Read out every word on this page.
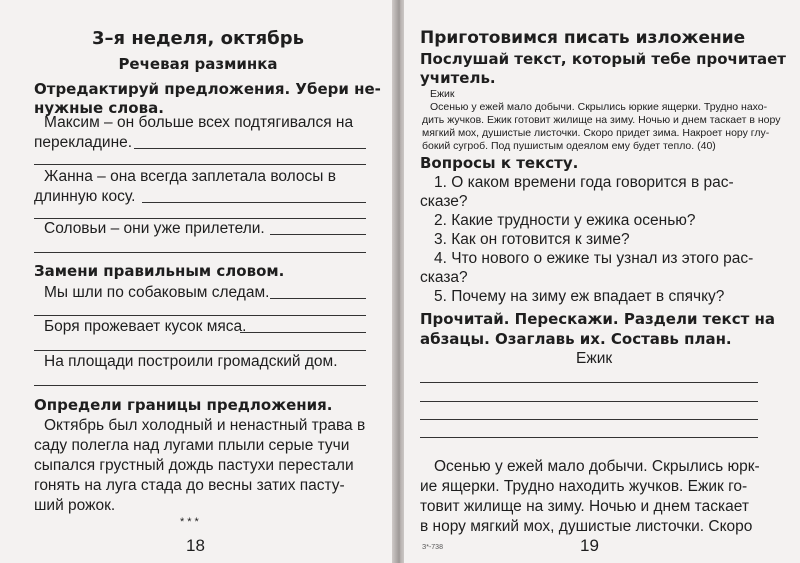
3–я неделя, октябрь

Речевая разминка

Отредактируй предложения. Убери не-

нужные слова.

Максим – он больше всех подтягивался на

перекладине.

Жанна – она всегда заплетала волосы в

длинную косу.

Соловьи – они уже прилетели.

Замени правильным словом.

Мы шли по собаковым следам.

Боря прожевает кусок мяса.

На площади построили громадский дом.

Определи границы предложения.

Октябрь был холодный и ненастный трава в

саду полегла над лугами плыли серые тучи

сыпался грустный дождь пастухи перестали

гонять на луга стада до весны затих пасту-

ший рожок.

***

18

Приготовимся писать изложение

Послушай текст, который тебе прочитает

учитель.

Ежик

Осенью у ежей мало добычи. Скрылись юркие ящерки. Трудно нахо-

дить жучков. Ежик готовит жилище на зиму. Ночью и днем таскает в нору

мягкий мох, душистые листочки. Скоро придет зима. Накроет нору глу-

бокий сугроб. Под пушистым одеялом ему будет тепло. (40)

Вопросы к тексту.

1. О каком времени года говорится в рас-

сказе?

2. Какие трудности у ежика осенью?

3. Как он готовится к зиме?

4. Что нового о ежике ты узнал из этого рас-

сказа?

5. Почему на зиму еж впадает в спячку?

Прочитай. Перескажи. Раздели текст на

абзацы. Озаглавь их. Составь план.

Ежик

Осенью у ежей мало добычи. Скрылись юрк-

ие ящерки. Трудно находить жучков. Ежик го-

товит жилище на зиму. Ночью и днем таскает

в нору мягкий мох, душистые листочки. Скоро

З*-738	19
